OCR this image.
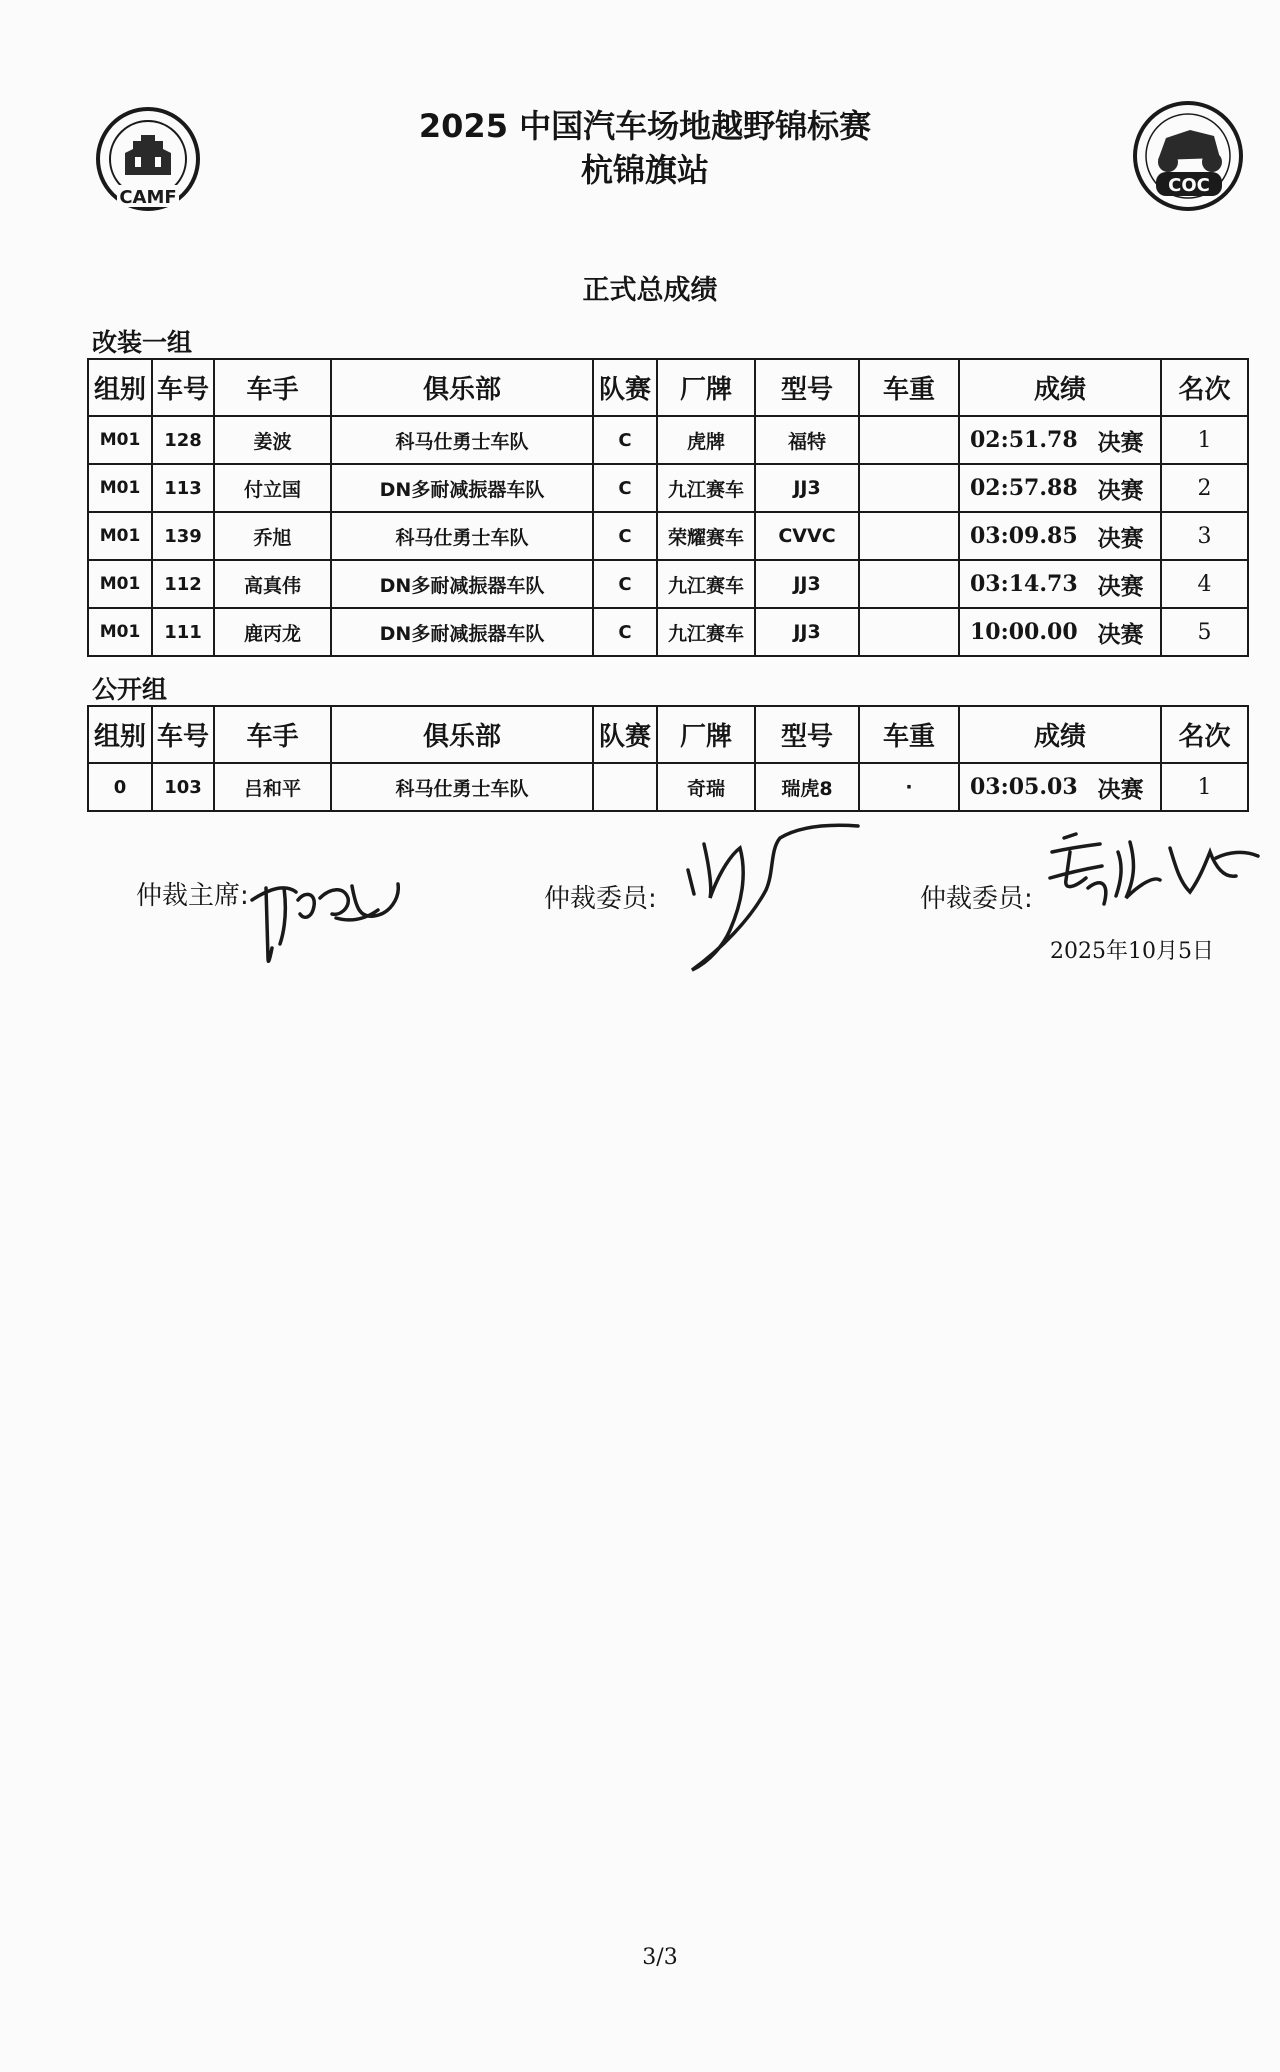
CAMF
COC
2025 中国汽车场地越野锦标赛
杭锦旗站
正式总成绩
改装一组
组别	车号	车手	俱乐部	队赛	厂牌	型号	车重	成绩		名次
M01	128	姜波	科马仕勇士车队	C	虎牌	福特		02:51.78	决赛	1
M01	113	付立国	DN多耐减振器车队	C	九江赛车	JJ3		02:57.88	决赛	2
M01	139	乔旭	科马仕勇士车队	C	荣耀赛车	CVVC		03:09.85	决赛	3
M01	112	高真伟	DN多耐减振器车队	C	九江赛车	JJ3		03:14.73	决赛	4
M01	111	鹿丙龙	DN多耐减振器车队	C	九江赛车	JJ3		10:00.00	决赛	5
公开组
组别	车号	车手	俱乐部	队赛	厂牌	型号	车重	成绩		名次
0	103	吕和平	科马仕勇士车队		奇瑞	瑞虎8	·	03:05.03	决赛	1
仲裁主席:	仲裁委员:	仲裁委员:
2025年10月5日
3/3
